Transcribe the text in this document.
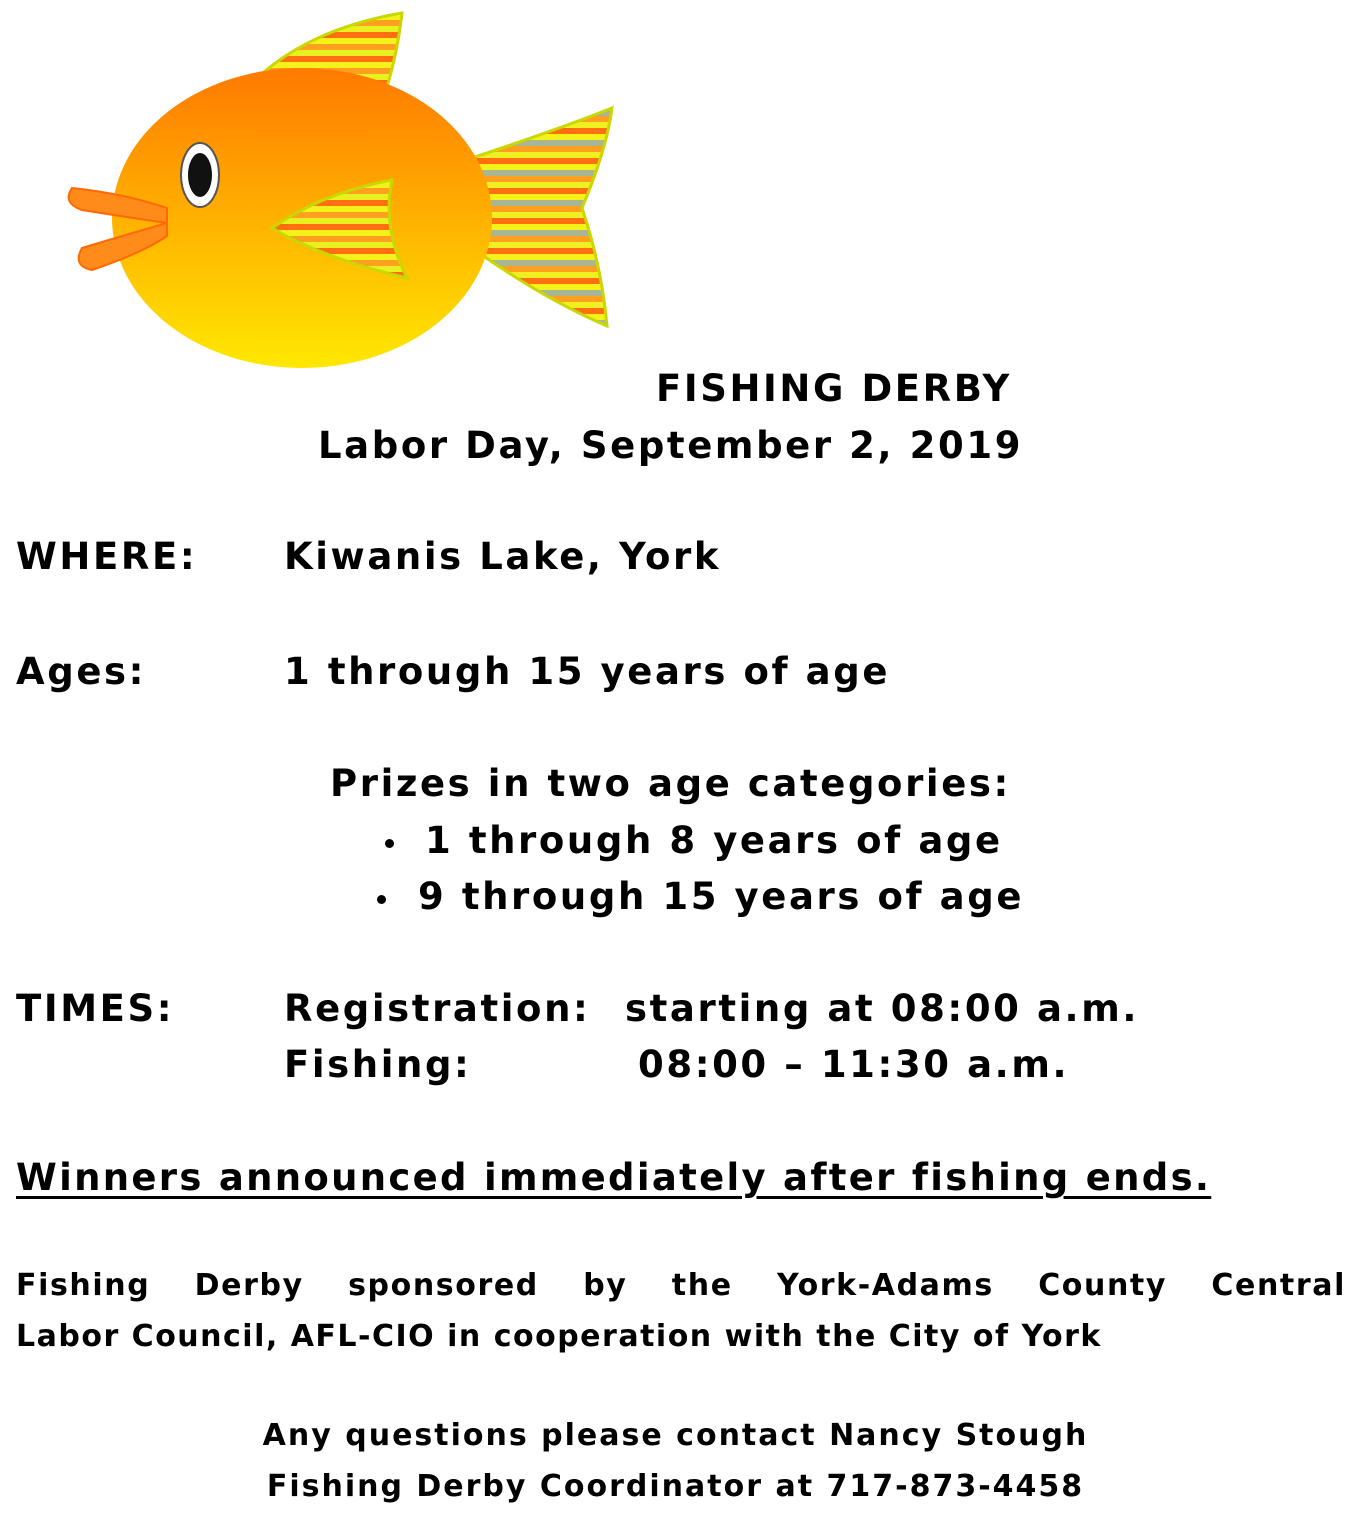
FISHING DERBY
Labor Day, September 2, 2019
WHERE: Kiwanis Lake, York
Ages:	1 through 15 years of age
Prizes in two age categories:
1 through 8 years of age
9 through 15 years of age
TIMES:	Registration: starting at 08:00 a.m.
Fishing:	08:00 – 11:30 a.m.
Winners announced immediately after fishing ends.
Fishing Derby sponsored by the York-Adams County Central
Labor Council, AFL-CIO in cooperation with the City of York
Any questions please contact Nancy Stough
Fishing Derby Coordinator at 717-873-4458
